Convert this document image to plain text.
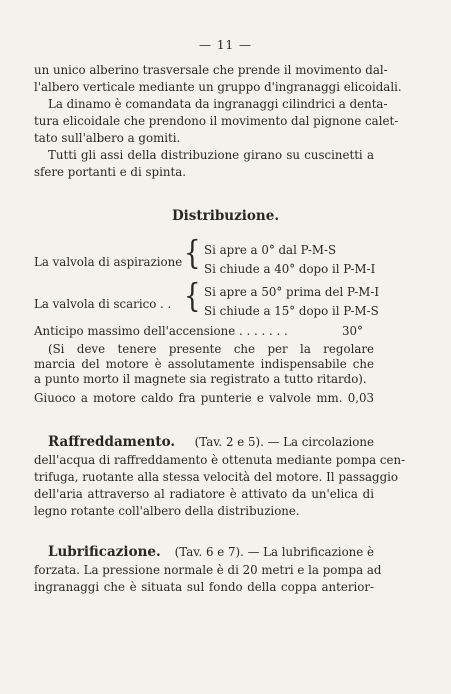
— 11 —
un unico alberino trasversale che prende il movimento dal-
l'albero verticale mediante un gruppo d'ingranaggi elicoidali.
La dinamo è comandata da ingranaggi cilindrici a denta-
tura elicoidale che prendono il movimento dal pignone calet-
tato sull'albero a gomiti.
Tutti gli assi della distribuzione girano su cuscinetti a
sfere portanti e di spinta.
Distribuzione.
La valvola di aspirazione { Si apre a 0° dal P-M-S
Si chiude a 40° dopo il P-M-I
La valvola di scarico . . { Si apre a 50° prima del P-M-I
Si chiude a 15° dopo il P-M-S
Anticipo massimo dell'accensione . . . . . . .	30°
(Si deve tenere presente che per la regolare
marcia del motore è assolutamente indispensabile che
a punto morto il magnete sia registrato a tutto ritardo).
Giuoco a motore caldo fra punterie e valvole mm. 0,03
Raffreddamento. (Tav. 2 e 5). — La circolazione
dell'acqua di raffreddamento è ottenuta mediante pompa cen-
trifuga, ruotante alla stessa velocità del motore. Il passaggio
dell'aria attraverso al radiatore è attivato da un'elica di
legno rotante coll'albero della distribuzione.
Lubrificazione. (Tav. 6 e 7). — La lubrificazione è
forzata. La pressione normale è di 20 metri e la pompa ad
ingranaggi che è situata sul fondo della coppa anterior-
